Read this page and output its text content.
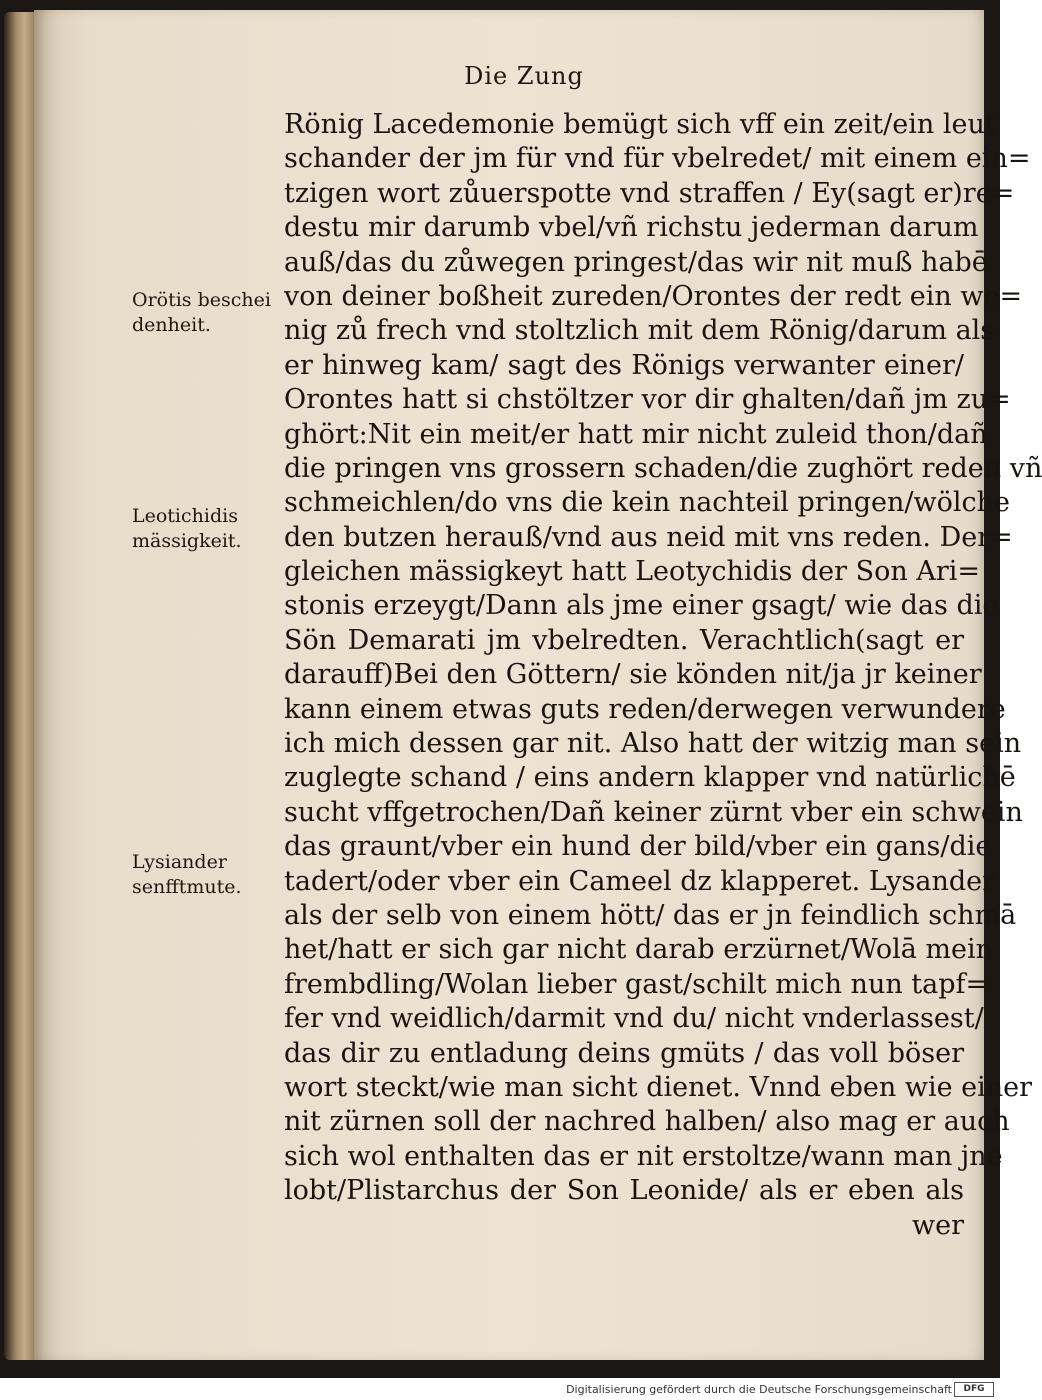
Die Zung
Orötis beschei
denheit.
Leotichidis
mässigkeit.
Lysiander
senfftmute.
Rönig Lacedemonie bemügt sich vff ein zeit/ein leut
schander der jm für vnd für vbelredet/ mit einem ein=
tzigen wort zůuerspotte vnd straffen / Ey(sagt er)re=
destu mir darumb vbel/vñ richstu jederman darum
auß/das du zůwegen pringest/das wir nit muß habē
von deiner boßheit zureden/Orontes der redt ein we=
nig zů frech vnd stoltzlich mit dem Rönig/darum als
er hinweg kam/ sagt des Rönigs verwanter einer/
Orontes hatt si chstöltzer vor dir ghalten/dañ jm zu=
ghört:Nit ein meit/er hatt mir nicht zuleid thon/dañ
die pringen vns grossern schaden/die zughört reden vñ
schmeichlen/do vns die kein nachteil pringen/wölche
den butzen herauß/vnd aus neid mit vns reden. Der=
gleichen mässigkeyt hatt Leotychidis der Son Ari=
stonis erzeygt/Dann als jme einer gsagt/ wie das die
Sön Demarati jm vbelredten. Verachtlich(sagt er
darauff)Bei den Göttern/ sie könden nit/ja jr keiner
kann einem etwas guts reden/derwegen verwundere
ich mich dessen gar nit. Also hatt der witzig man sein
zuglegte schand / eins andern klapper vnd natürlichē
sucht vffgetrochen/Dañ keiner zürnt vber ein schwein
das graunt/vber ein hund der bild/vber ein gans/die
tadert/oder vber ein Cameel dz klapperet. Lysander
als der selb von einem hött/ das er jn feindlich schmā
het/hatt er sich gar nicht darab erzürnet/Wolā mein
frembdling/Wolan lieber gast/schilt mich nun tapf=
fer vnd weidlich/darmit vnd du/ nicht vnderlassest/
das dir zu entladung deins gmüts / das voll böser
wort steckt/wie man sicht dienet. Vnnd eben wie einer
nit zürnen soll der nachred halben/ also mag er auch
sich wol enthalten das er nit erstoltze/wann man jne
lobt/Plistarchus der Son Leonide/ als er eben als
wer
Digitalisierung gefördert durch die Deutsche Forschungsgemeinschaft	DFG
